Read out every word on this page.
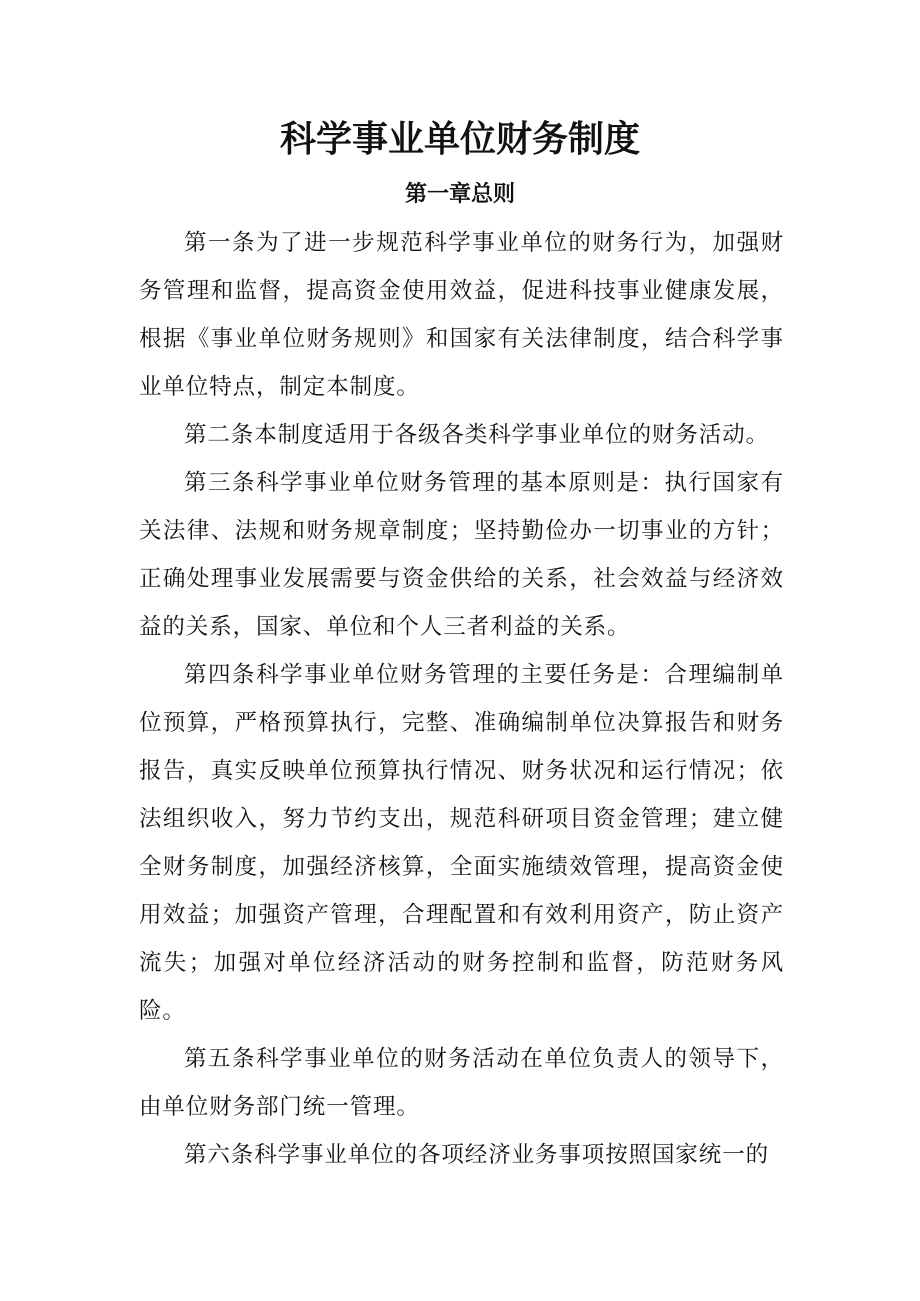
科学事业单位财务制度
第一章总则

第一条为了进一步规范科学事业单位的财务行为，加强财务管理和监督，提高资金使用效益，促进科技事业健康发展，根据《事业单位财务规则》和国家有关法律制度，结合科学事业单位特点，制定本制度。

第二条本制度适用于各级各类科学事业单位的财务活动。

第三条科学事业单位财务管理的基本原则是：执行国家有关法律、法规和财务规章制度；坚持勤俭办一切事业的方针；正确处理事业发展需要与资金供给的关系，社会效益与经济效益的关系，国家、单位和个人三者利益的关系。

第四条科学事业单位财务管理的主要任务是：合理编制单位预算，严格预算执行，完整、准确编制单位决算报告和财务报告，真实反映单位预算执行情况、财务状况和运行情况；依法组织收入，努力节约支出，规范科研项目资金管理；建立健全财务制度，加强经济核算，全面实施绩效管理，提高资金使用效益；加强资产管理，合理配置和有效利用资产，防止资产流失；加强对单位经济活动的财务控制和监督，防范财务风险。

第五条科学事业单位的财务活动在单位负责人的领导下，由单位财务部门统一管理。

第六条科学事业单位的各项经济业务事项按照国家统一的
